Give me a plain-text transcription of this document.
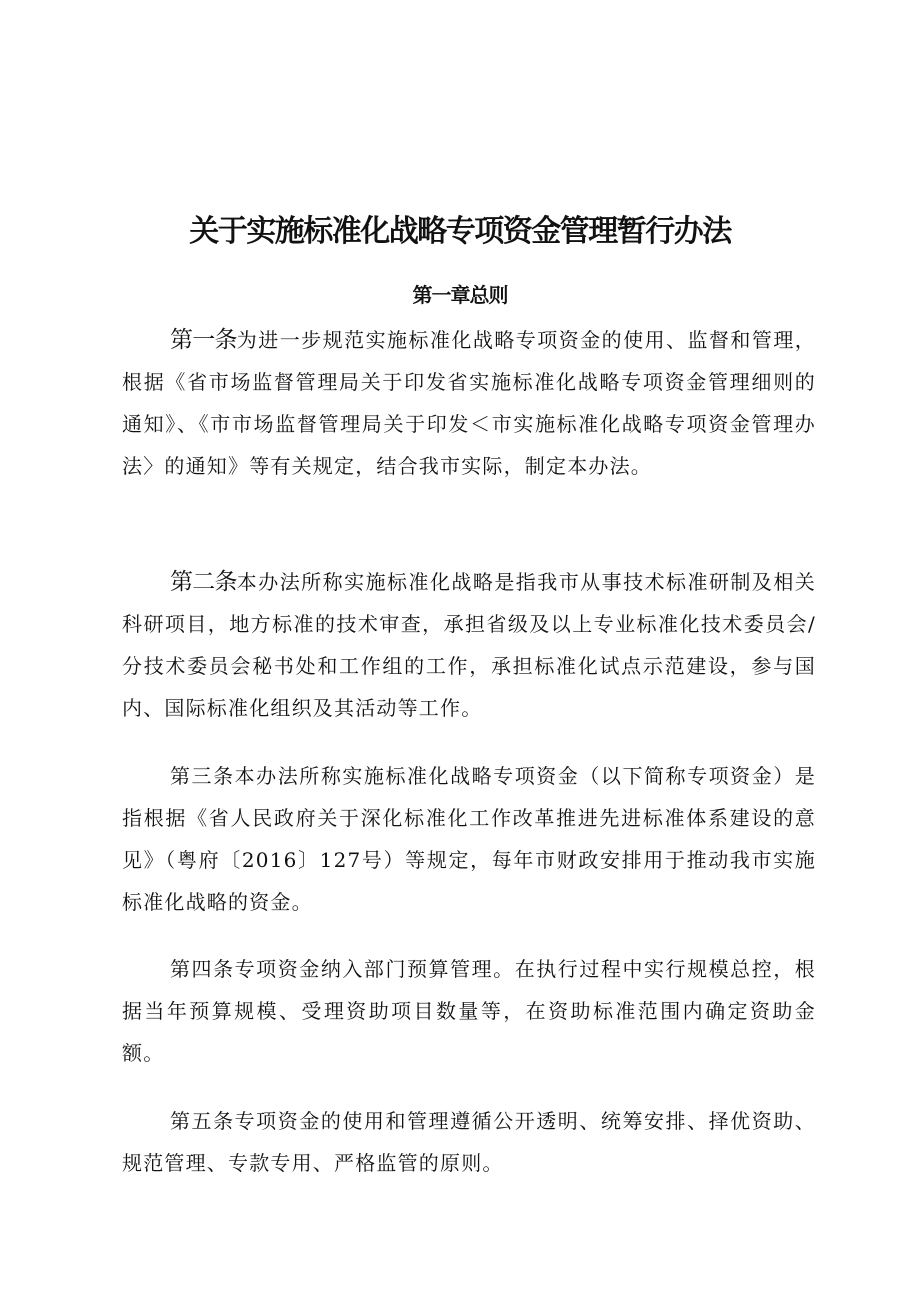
关于实施标准化战略专项资金管理暂行办法
第一章总则

第一条为进一步规范实施标准化战略专项资金的使用、监督和管理，根据《省市场监督管理局关于印发省实施标准化战略专项资金管理细则的通知》、《市市场监督管理局关于印发＜市实施标准化战略专项资金管理办法〉的通知》等有关规定，结合我市实际，制定本办法。

第二条本办法所称实施标准化战略是指我市从事技术标准研制及相关科研项目，地方标准的技术审查，承担省级及以上专业标准化技术委员会/分技术委员会秘书处和工作组的工作，承担标准化试点示范建设，参与国内、国际标准化组织及其活动等工作。

第三条本办法所称实施标准化战略专项资金（以下简称专项资金）是指根据《省人民政府关于深化标准化工作改革推进先进标准体系建设的意见》（粤府〔2016〕127号）等规定，每年市财政安排用于推动我市实施标准化战略的资金。

第四条专项资金纳入部门预算管理。在执行过程中实行规模总控，根据当年预算规模、受理资助项目数量等，在资助标准范围内确定资助金额。

第五条专项资金的使用和管理遵循公开透明、统筹安排、择优资助、规范管理、专款专用、严格监管的原则。
